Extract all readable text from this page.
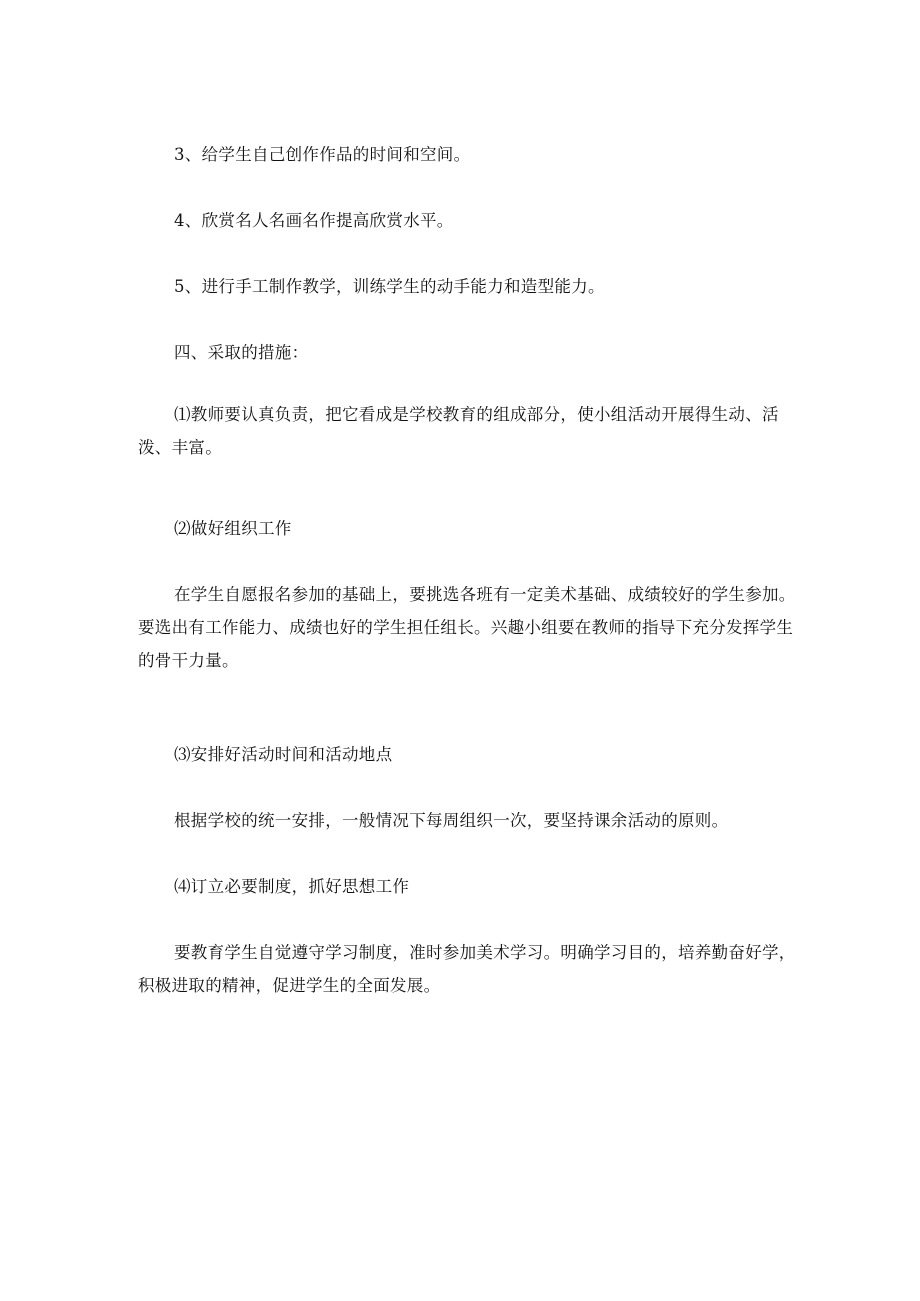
3、给学生自己创作作品的时间和空间。

4、欣赏名人名画名作提高欣赏水平。

5、进行手工制作教学，训练学生的动手能力和造型能力。

四、采取的措施：

⑴教师要认真负责，把它看成是学校教育的组成部分，使小组活动开展得生动、活泼、丰富。

⑵做好组织工作

在学生自愿报名参加的基础上，要挑选各班有一定美术基础、成绩较好的学生参加。要选出有工作能力、成绩也好的学生担任组长。兴趣小组要在教师的指导下充分发挥学生的骨干力量。

⑶安排好活动时间和活动地点

根据学校的统一安排，一般情况下每周组织一次，要坚持课余活动的原则。

⑷订立必要制度，抓好思想工作

要教育学生自觉遵守学习制度，准时参加美术学习。明确学习目的，培养勤奋好学，积极进取的精神，促进学生的全面发展。
